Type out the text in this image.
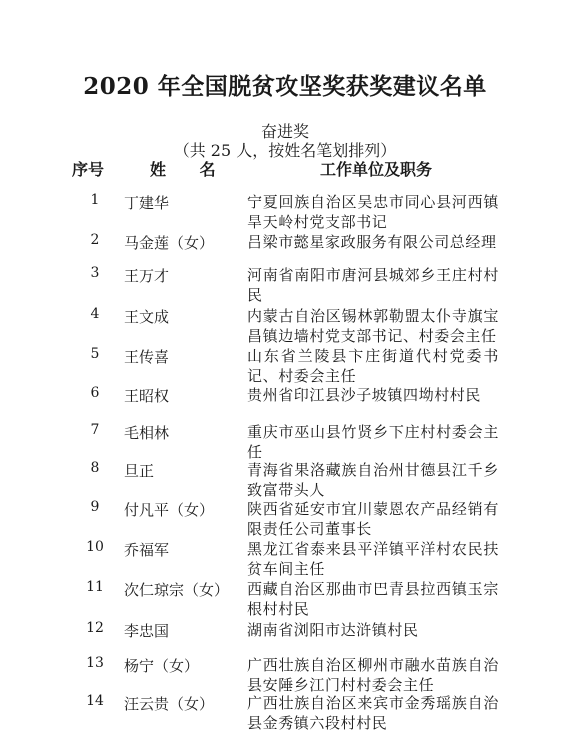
2020 年全国脱贫攻坚奖获奖建议名单
奋进奖
（共 25 人，按姓名笔划排列）
序号	姓 名	工作单位及职务
1	丁建华	宁夏回族自治区吴忠市同心县河西镇旱天岭村党支部书记
2	马金莲（女） 吕梁市懿星家政服务有限公司总经理
3	王万才	河南省南阳市唐河县城郊乡王庄村村民
4	王文成	内蒙古自治区锡林郭勒盟太仆寺旗宝昌镇边墙村党支部书记、村委会主任
5	王传喜	山东省兰陵县卞庄街道代村党委书记、村委会主任
6	王昭权	贵州省印江县沙子坡镇四坳村村民
7	毛相林	重庆市巫山县竹贤乡下庄村村委会主任
8	旦正	青海省果洛藏族自治州甘德县江千乡致富带头人
9	付凡平（女） 陕西省延安市宜川蒙恩农产品经销有限责任公司董事长
10	乔福军	黑龙江省泰来县平洋镇平洋村农民扶贫车间主任
11	次仁琼宗（女） 西藏自治区那曲市巴青县拉西镇玉宗根村村民
12	李忠国	湖南省浏阳市达浒镇村民
13	杨宁（女）	广西壮族自治区柳州市融水苗族自治县安陲乡江门村村委会主任
14	汪云贵（女） 广西壮族自治区来宾市金秀瑶族自治县金秀镇六段村村民
